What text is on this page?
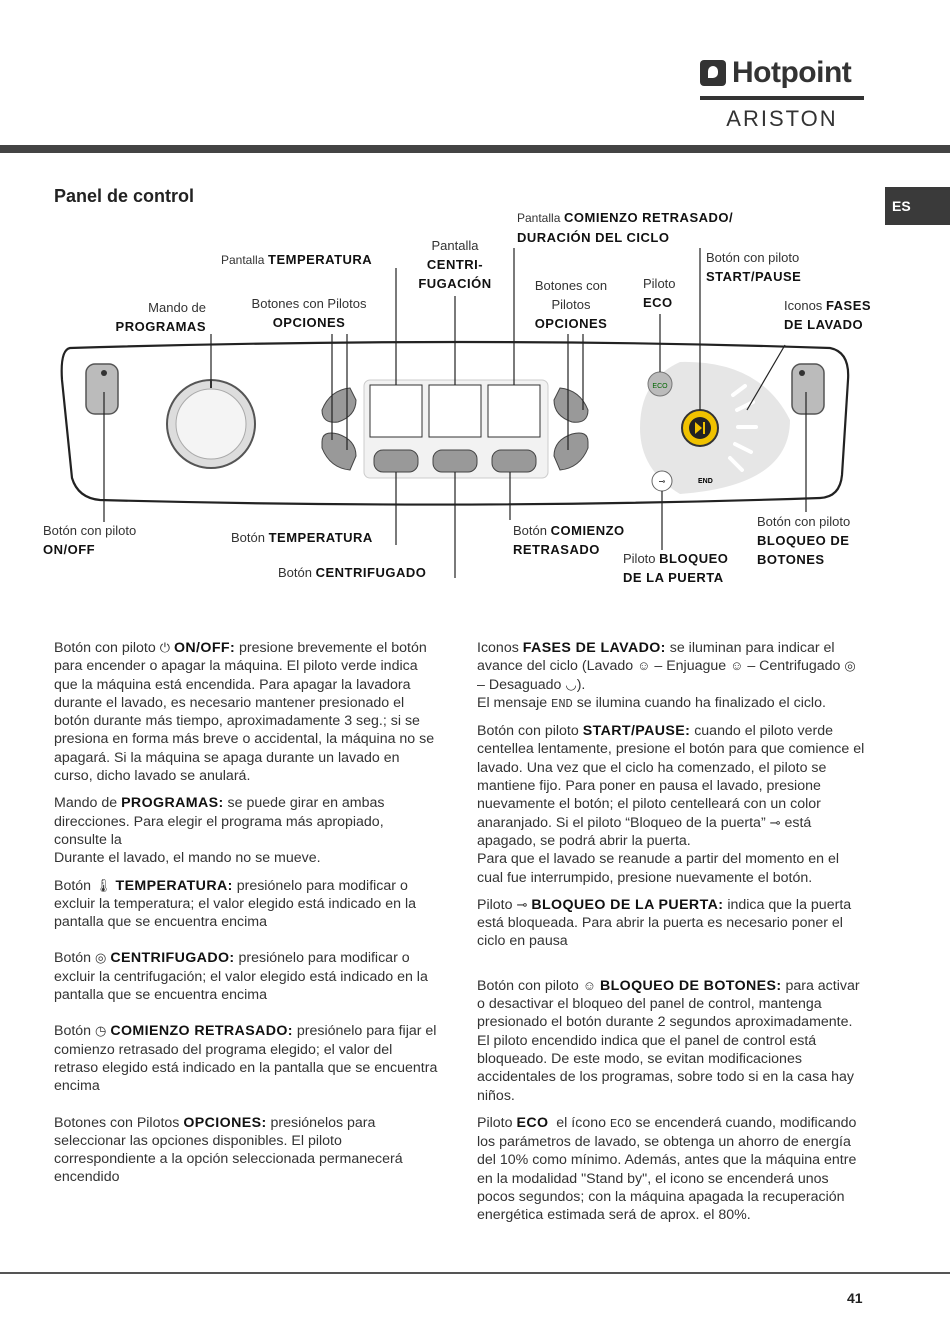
Hotpoint
ARISTON
ES
Panel de control
ECO
⊸	END
Pantalla COMIENZO RETRASADO/
DURACIÓN DEL CICLO
Pantalla
CENTRI-
FUGACIÓN
Pantalla TEMPERATURA	Botón con piloto
START/PAUSE
Mando de
PROGRAMAS
Botones con Pilotos
OPCIONES
Botones con
Pilotos
OPCIONES
Piloto
ECO	Iconos FASES
DE LAVADO
Botón con piloto
ON/OFF
Botón TEMPERATURA
Botón CENTRIFUGADO
Botón COMIENZO
RETRASADO
Piloto BLOQUEO
DE LA PUERTA
Botón con piloto
BLOQUEO DE
BOTONES

Botón con piloto ⏻ ON/OFF: presione brevemente el botón para encender o apagar la máquina. El piloto verde indica que la máquina está encendida. Para apagar la lavadora durante el lavado, es necesario mantener presionado el botón durante más tiempo, aproximadamente 3 seg.; si se presiona en forma más breve o accidental, la máquina no se apagará. Si la máquina se apaga durante un lavado en curso, dicho lavado se anulará.

Mando de PROGRAMAS: se puede girar en ambas direcciones. Para elegir el programa más apropiado, consulte la
Durante el lavado, el mando no se mueve.

Botón 🌡 TEMPERATURA: presiónelo para modificar o excluir la temperatura; el valor elegido está indicado en la pantalla que se encuentra encima

Botón ◎ CENTRIFUGADO: presiónelo para modificar o excluir la centrifugación; el valor elegido está indicado en la pantalla que se encuentra encima

Botón ◷ COMIENZO RETRASADO: presiónelo para fijar el comienzo retrasado del programa elegido; el valor del retraso elegido está indicado en la pantalla que se encuentra encima

Botones con Pilotos OPCIONES: presiónelos para seleccionar las opciones disponibles. El piloto correspondiente a la opción seleccionada permanecerá encendido

Iconos FASES DE LAVADO: se iluminan para indicar el avance del ciclo (Lavado ☺ – Enjuague ☺ – Centrifugado ◎ – Desaguado ◡).
El mensaje END se ilumina cuando ha finalizado el ciclo.

Botón con piloto START/PAUSE: cuando el piloto verde centellea lentamente, presione el botón para que comience el lavado. Una vez que el ciclo ha comenzado, el piloto se mantiene fijo. Para poner en pausa el lavado, presione nuevamente el botón; el piloto centelleará con un color anaranjado. Si el piloto “Bloqueo de la puerta” ⊸ está apagado, se podrá abrir la puerta.
Para que el lavado se reanude a partir del momento en el cual fue interrumpido, presione nuevamente el botón.

Piloto ⊸ BLOQUEO DE LA PUERTA: indica que la puerta está bloqueada. Para abrir la puerta es necesario poner el ciclo en pausa

Botón con piloto ☺ BLOQUEO DE BOTONES: para activar o desactivar el bloqueo del panel de control, mantenga presionado el botón durante 2 segundos aproximadamente. El piloto encendido indica que el panel de control está bloqueado. De este modo, se evitan modificaciones accidentales de los programas, sobre todo si en la casa hay niños.

Piloto ECO el ícono ECO se encenderá cuando, modificando los parámetros de lavado, se obtenga un ahorro de energía del 10% como mínimo. Además, antes que la máquina entre en la modalidad "Stand by", el icono se encenderá unos pocos segundos; con la máquina apagada la recuperación energética estimada será de aprox. el 80%.

41
